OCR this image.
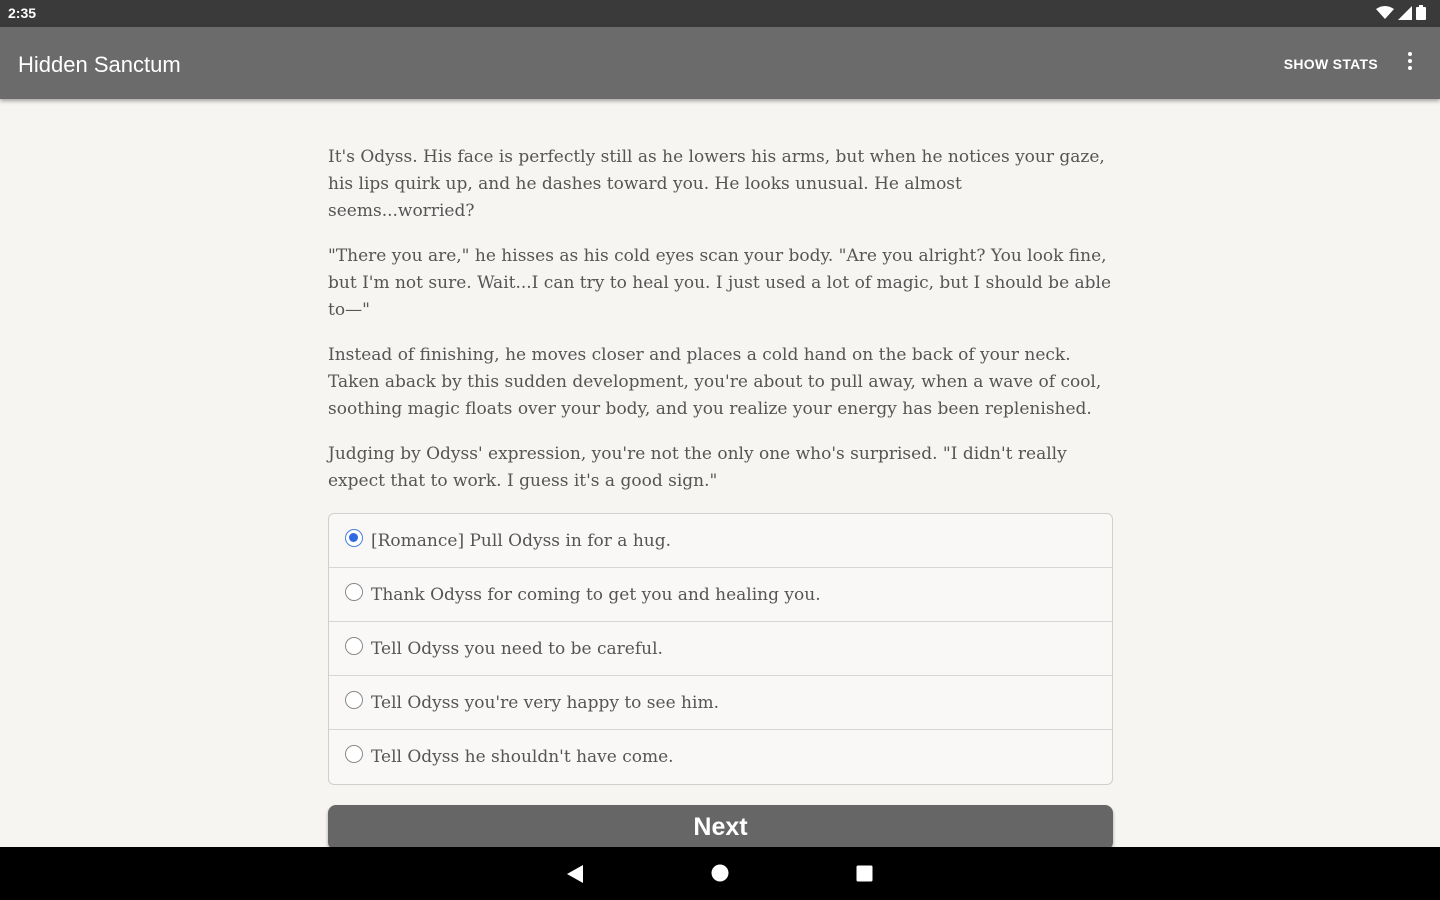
2:35
Hidden Sanctum	SHOW STATS

It's Odyss. His face is perfectly still as he lowers his arms, but when he notices your gaze, his lips quirk up, and he dashes toward you. He looks unusual. He almost seems...worried?

"There you are," he hisses as his cold eyes scan your body. "Are you alright? You look fine, but I'm not sure. Wait...I can try to heal you. I just used a lot of magic, but I should be able to—"

Instead of finishing, he moves closer and places a cold hand on the back of your neck. Taken aback by this sudden development, you're about to pull away, when a wave of cool, soothing magic floats over your body, and you realize your energy has been replenished.

Judging by Odyss' expression, you're not the only one who's surprised. "I didn't really expect that to work. I guess it's a good sign."

[Romance] Pull Odyss in for a hug.
Thank Odyss for coming to get you and healing you.
Tell Odyss you need to be careful.
Tell Odyss you're very happy to see him.
Tell Odyss he shouldn't have come.
Next
